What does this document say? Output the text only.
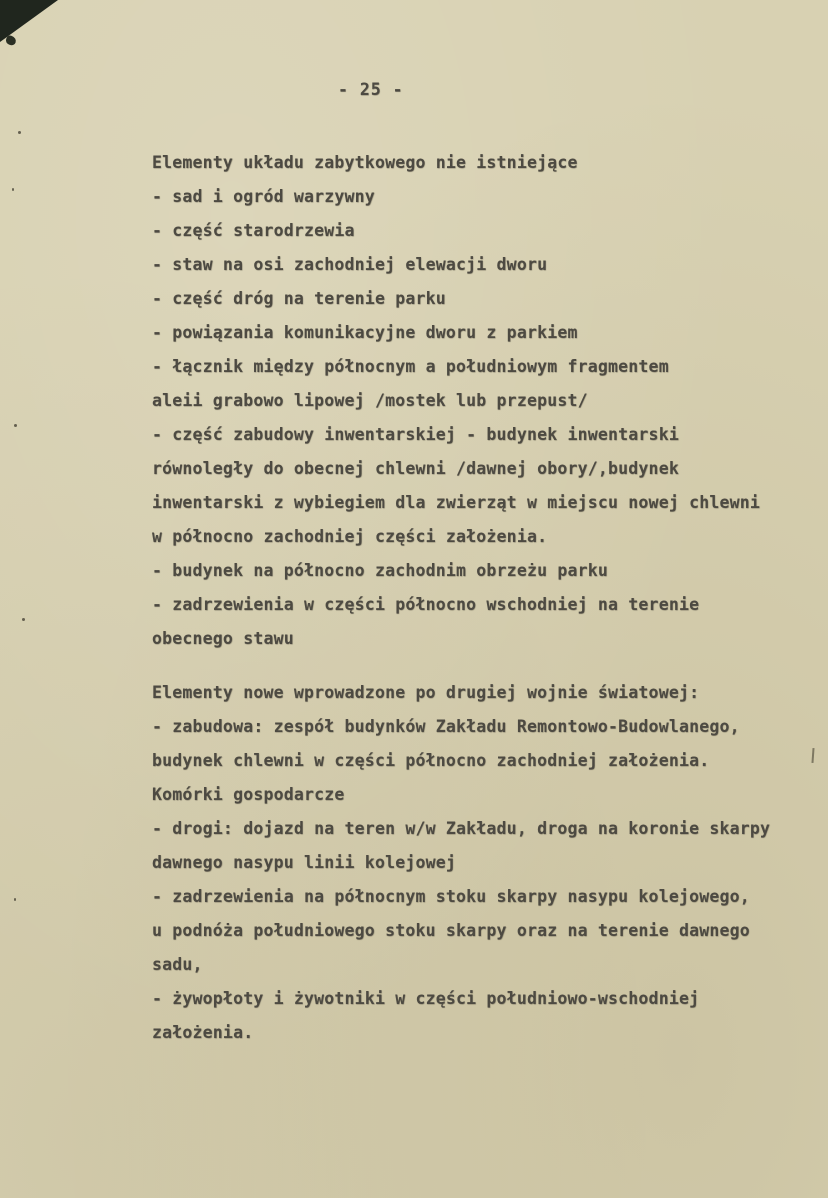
- 25 -
Elementy układu zabytkowego nie istniejące
- sad i ogród warzywny
- część starodrzewia
- staw na osi zachodniej elewacji dworu
- część dróg na terenie parku
- powiązania komunikacyjne dworu z parkiem
- łącznik między północnym a południowym fragmentem
aleii grabowo lipowej /mostek lub przepust/
- część zabudowy inwentarskiej - budynek inwentarski
równoległy do obecnej chlewni /dawnej obory/,budynek
inwentarski z wybiegiem dla zwierząt w miejscu nowej chlewni
w północno zachodniej części założenia.
- budynek na północno zachodnim obrzeżu parku
- zadrzewienia w części północno wschodniej na terenie
obecnego stawu
Elementy nowe wprowadzone po drugiej wojnie światowej:
- zabudowa: zespół budynków Zakładu Remontowo-Budowlanego,
budynek chlewni w części północno zachodniej założenia.
Komórki gospodarcze
- drogi: dojazd na teren w/w Zakładu, droga na koronie skarpy
dawnego nasypu linii kolejowej
- zadrzewienia na północnym stoku skarpy nasypu kolejowego,
u podnóża południowego stoku skarpy oraz na terenie dawnego
sadu,
- żywopłoty i żywotniki w części południowo-wschodniej
założenia.
